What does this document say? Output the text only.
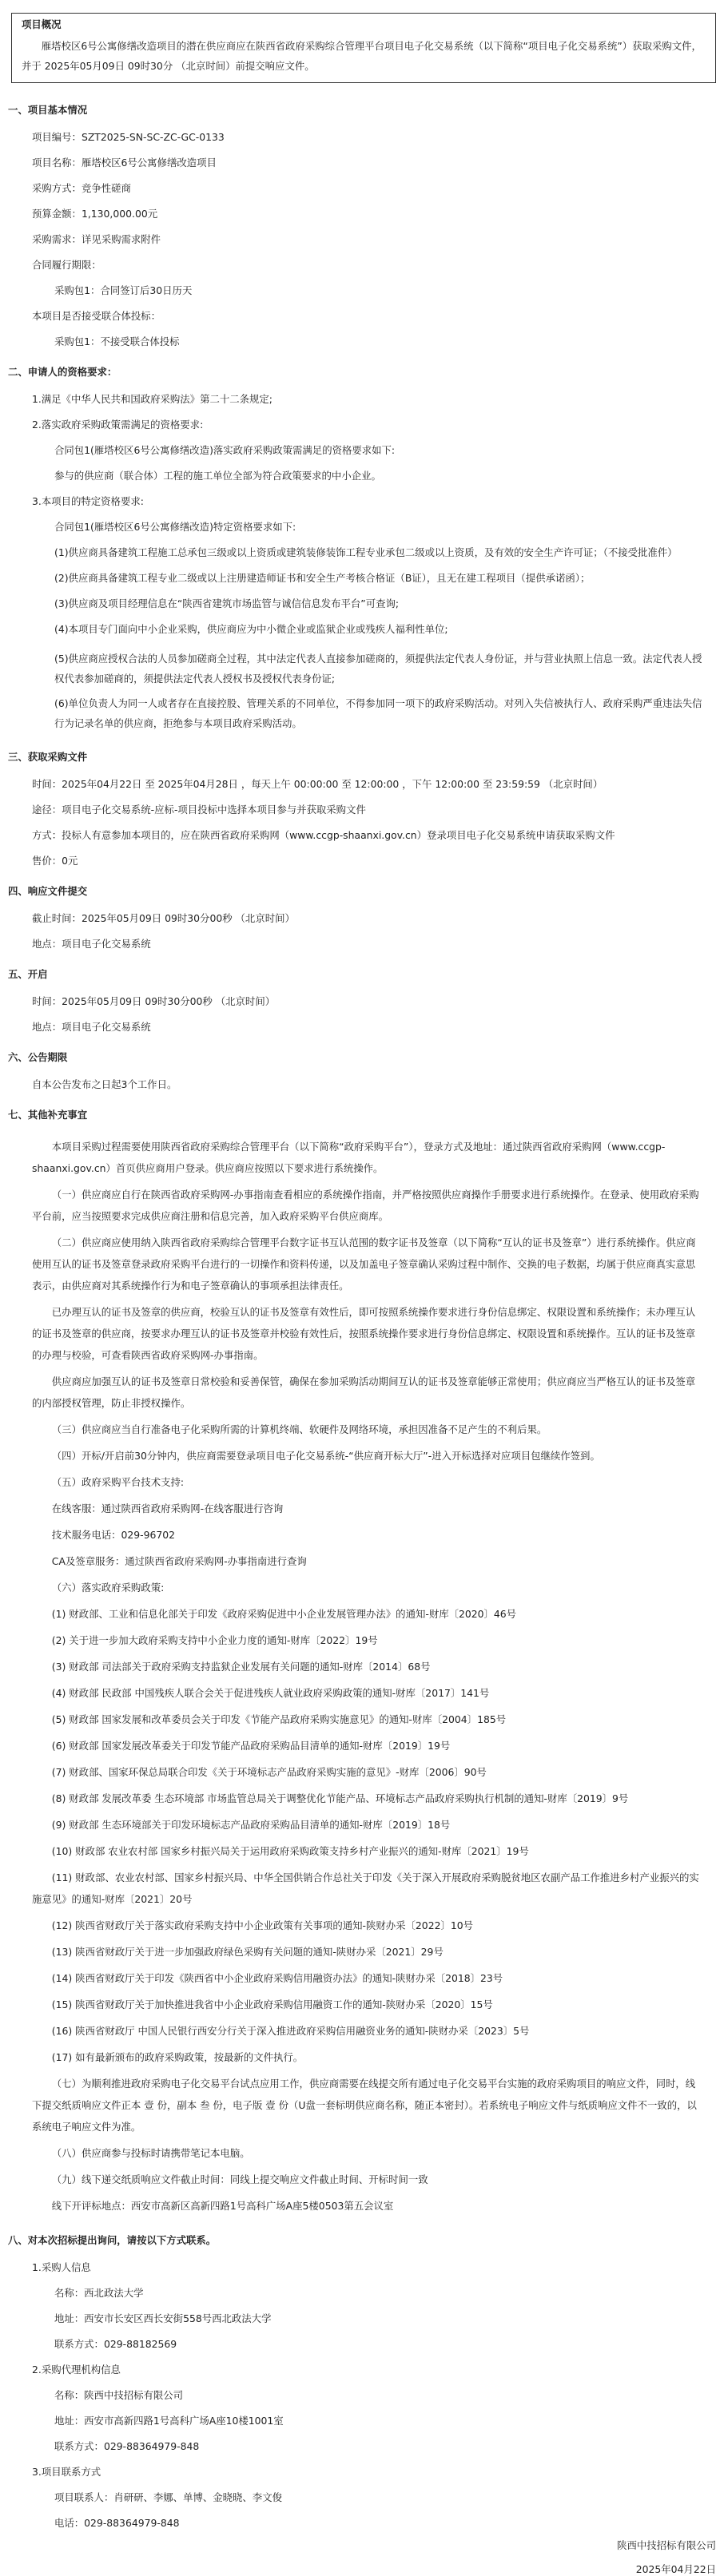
项目概况
雁塔校区6号公寓修缮改造项目的潜在供应商应在陕西省政府采购综合管理平台项目电子化交易系统（以下简称“项目电子化交易系统”）获取采购文件，并于 2025年05月09日 09时30分 （北京时间）前提交响应文件。
一、项目基本情况
项目编号：SZT2025-SN-SC-ZC-GC-0133
项目名称：雁塔校区6号公寓修缮改造项目
采购方式：竞争性磋商
预算金额：1,130,000.00元
采购需求：详见采购需求附件
合同履行期限：
采购包1：合同签订后30日历天
本项目是否接受联合体投标：
采购包1：不接受联合体投标
二、申请人的资格要求：
1.满足《中华人民共和国政府采购法》第二十二条规定;
2.落实政府采购政策需满足的资格要求:
合同包1(雁塔校区6号公寓修缮改造)落实政府采购政策需满足的资格要求如下:
参与的供应商（联合体）工程的施工单位全部为符合政策要求的中小企业。
3.本项目的特定资格要求:
合同包1(雁塔校区6号公寓修缮改造)特定资格要求如下:
(1)供应商具备建筑工程施工总承包三级或以上资质或建筑装修装饰工程专业承包二级或以上资质，及有效的安全生产许可证；（不接受批准件）
(2)供应商具备建筑工程专业二级或以上注册建造师证书和安全生产考核合格证（B证），且无在建工程项目（提供承诺函）；
(3)供应商及项目经理信息在“陕西省建筑市场监管与诚信信息发布平台”可查询;
(4)本项目专门面向中小企业采购，供应商应为中小微企业或监狱企业或残疾人福利性单位;
(5)供应商应授权合法的人员参加磋商全过程，其中法定代表人直接参加磋商的，须提供法定代表人身份证，并与营业执照上信息一致。法定代表人授权代表参加磋商的，须提供法定代表人授权书及授权代表身份证;
(6)单位负责人为同一人或者存在直接控股、管理关系的不同单位，不得参加同一项下的政府采购活动。对列入失信被执行人、政府采购严重违法失信行为记录名单的供应商，拒绝参与本项目政府采购活动。
三、获取采购文件
时间：2025年04月22日 至 2025年04月28日 ，每天上午 00:00:00 至 12:00:00 ，下午 12:00:00 至 23:59:59 （北京时间）
途径：项目电子化交易系统-应标-项目投标中选择本项目参与并获取采购文件
方式：投标人有意参加本项目的，应在陕西省政府采购网（www.ccgp-shaanxi.gov.cn）登录项目电子化交易系统申请获取采购文件
售价：0元
四、响应文件提交
截止时间：2025年05月09日 09时30分00秒 （北京时间）
地点：项目电子化交易系统
五、开启
时间：2025年05月09日 09时30分00秒 （北京时间）
地点：项目电子化交易系统
六、公告期限
自本公告发布之日起3个工作日。
七、其他补充事宜
本项目采购过程需要使用陕西省政府采购综合管理平台（以下简称“政府采购平台”），登录方式及地址：通过陕西省政府采购网（www.ccgp-shaanxi.gov.cn）首页供应商用户登录。供应商应按照以下要求进行系统操作。
（一）供应商应自行在陕西省政府采购网-办事指南查看相应的系统操作指南，并严格按照供应商操作手册要求进行系统操作。在登录、使用政府采购平台前，应当按照要求完成供应商注册和信息完善，加入政府采购平台供应商库。
（二）供应商应使用纳入陕西省政府采购综合管理平台数字证书互认范围的数字证书及签章（以下简称“互认的证书及签章”）进行系统操作。供应商使用互认的证书及签章登录政府采购平台进行的一切操作和资料传递，以及加盖电子签章确认采购过程中制作、交换的电子数据，均属于供应商真实意思表示，由供应商对其系统操作行为和电子签章确认的事项承担法律责任。
已办理互认的证书及签章的供应商，校验互认的证书及签章有效性后，即可按照系统操作要求进行身份信息绑定、权限设置和系统操作；未办理互认的证书及签章的供应商，按要求办理互认的证书及签章并校验有效性后，按照系统操作要求进行身份信息绑定、权限设置和系统操作。互认的证书及签章的办理与校验，可查看陕西省政府采购网-办事指南。
供应商应加强互认的证书及签章日常校验和妥善保管，确保在参加采购活动期间互认的证书及签章能够正常使用；供应商应当严格互认的证书及签章的内部授权管理，防止非授权操作。
（三）供应商应当自行准备电子化采购所需的计算机终端、软硬件及网络环境，承担因准备不足产生的不利后果。
（四）开标/开启前30分钟内，供应商需要登录项目电子化交易系统-“供应商开标大厅”-进入开标选择对应项目包继续作签到。
（五）政府采购平台技术支持:
在线客服：通过陕西省政府采购网-在线客服进行咨询
技术服务电话：029-96702
CA及签章服务：通过陕西省政府采购网-办事指南进行查询
（六）落实政府采购政策:
(1) 财政部、工业和信息化部关于印发《政府采购促进中小企业发展管理办法》的通知-财库〔2020〕46号
(2) 关于进一步加大政府采购支持中小企业力度的通知-财库〔2022〕19号
(3) 财政部 司法部关于政府采购支持监狱企业发展有关问题的通知-财库〔2014〕68号
(4) 财政部 民政部 中国残疾人联合会关于促进残疾人就业政府采购政策的通知-财库〔2017〕141号
(5) 财政部 国家发展和改革委员会关于印发《节能产品政府采购实施意见》的通知-财库〔2004〕185号
(6) 财政部 国家发展改革委关于印发节能产品政府采购品目清单的通知-财库〔2019〕19号
(7) 财政部、国家环保总局联合印发《关于环境标志产品政府采购实施的意见》-财库〔2006〕90号
(8) 财政部 发展改革委 生态环境部 市场监管总局关于调整优化节能产品、环境标志产品政府采购执行机制的通知-财库〔2019〕9号
(9) 财政部 生态环境部关于印发环境标志产品政府采购品目清单的通知-财库〔2019〕18号
(10) 财政部 农业农村部 国家乡村振兴局关于运用政府采购政策支持乡村产业振兴的通知-财库〔2021〕19号
(11) 财政部、农业农村部、国家乡村振兴局、中华全国供销合作总社关于印发《关于深入开展政府采购脱贫地区农副产品工作推进乡村产业振兴的实施意见》的通知-财库〔2021〕20号
(12) 陕西省财政厅关于落实政府采购支持中小企业政策有关事项的通知-陕财办采〔2022〕10号
(13) 陕西省财政厅关于进一步加强政府绿色采购有关问题的通知-陕财办采〔2021〕29号
(14) 陕西省财政厅关于印发《陕西省中小企业政府采购信用融资办法》的通知-陕财办采〔2018〕23号
(15) 陕西省财政厅关于加快推进我省中小企业政府采购信用融资工作的通知-陕财办采〔2020〕15号
(16) 陕西省财政厅 中国人民银行西安分行关于深入推进政府采购信用融资业务的通知-陕财办采〔2023〕5号
(17) 如有最新颁布的政府采购政策，按最新的文件执行。
（七）为顺利推进政府采购电子化交易平台试点应用工作，供应商需要在线提交所有通过电子化交易平台实施的政府采购项目的响应文件，同时，线下提交纸质响应文件正本 壹 份，副本 叁 份，电子版 壹 份（U盘一套标明供应商名称，随正本密封）。若系统电子响应文件与纸质响应文件不一致的，以系统电子响应文件为准。
（八）供应商参与投标时请携带笔记本电脑。
（九）线下递交纸质响应文件截止时间：同线上提交响应文件截止时间、开标时间一致
线下开评标地点：西安市高新区高新四路1号高科广场A座5楼0503第五会议室
八、对本次招标提出询问，请按以下方式联系。
1.采购人信息
名称：西北政法大学
地址：西安市长安区西长安街558号西北政法大学
联系方式：029-88182569
2.采购代理机构信息
名称：陕西中技招标有限公司
地址：西安市高新四路1号高科广场A座10楼1001室
联系方式：029-88364979-848
3.项目联系方式
项目联系人：肖研研、李娜、单博、金晓晓、李文俊
电话：029-88364979-848
陕西中技招标有限公司
2025年04月22日
